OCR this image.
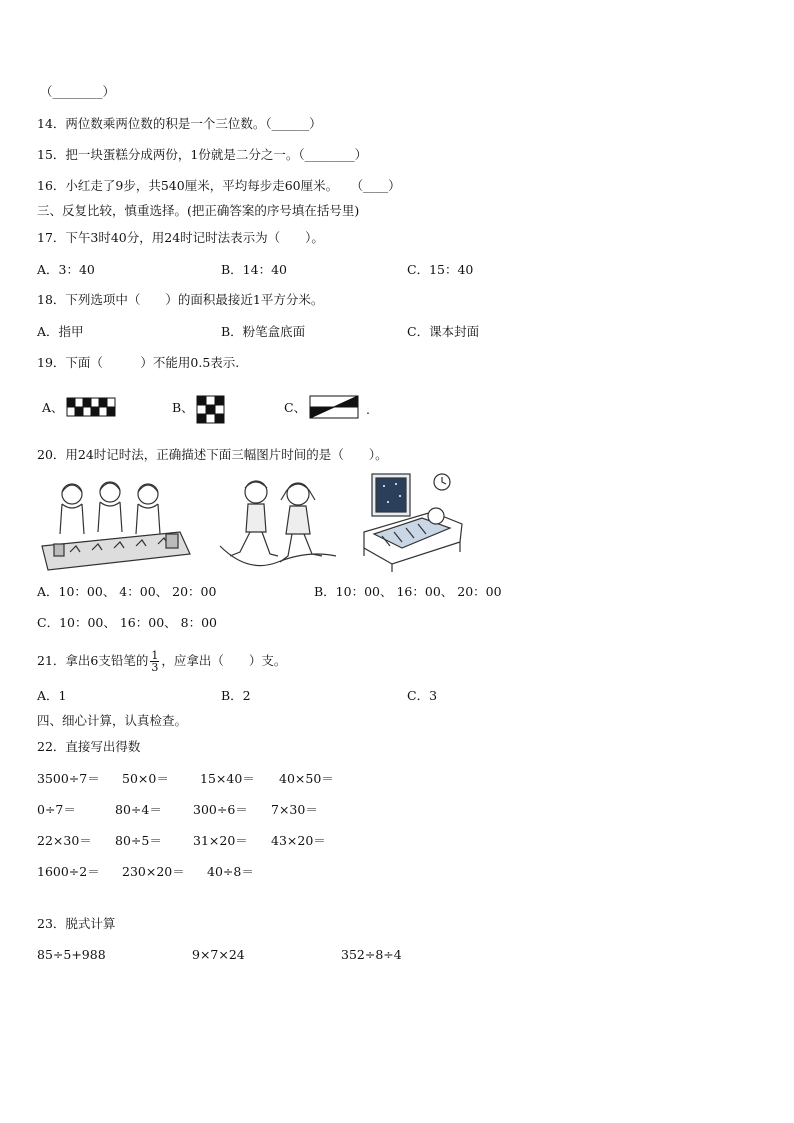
（________）
14．两位数乘两位数的积是一个三位数。（______）
15．把一块蛋糕分成两份，1份就是二分之一。（________）
16．小红走了9步，共540厘米，平均每步走60厘米。　　（____）
三、反复比较，慎重选择。(把正确答案的序号填在括号里)
17．下午3时40分，用24时记时法表示为（　　）。
A．3：40	B．14：40	C．15：40
18．下列选项中（　　）的面积最接近1平方分米。
A．指甲	B．粉笔盒底面	C．课本封面
19．下面（　　　）不能用0.5表示.
A、	B、	C、	.
20．用24时记时法，正确描述下面三幅图片时间的是（　　）。
A．10：00、 4：00、 20：00	B．10：00、 16：00、 20：00
C．10：00、 16：00、 8：00
21．拿出6支铅笔的 $\frac{1}{3}$ ，应拿出（　　）支。
A．1	B．2	C．3
四、细心计算，认真检查。
22．直接写出得数
3500÷7＝ 50×0＝ 15×40＝ 40×50＝
0÷7＝	80÷4＝ 300÷6＝ 7×30＝
22×30＝ 80÷5＝ 31×20＝ 43×20＝
1600÷2＝ 230×20＝ 40÷8＝
23．脱式计算
85÷5+988	9×7×24	352÷8÷4
